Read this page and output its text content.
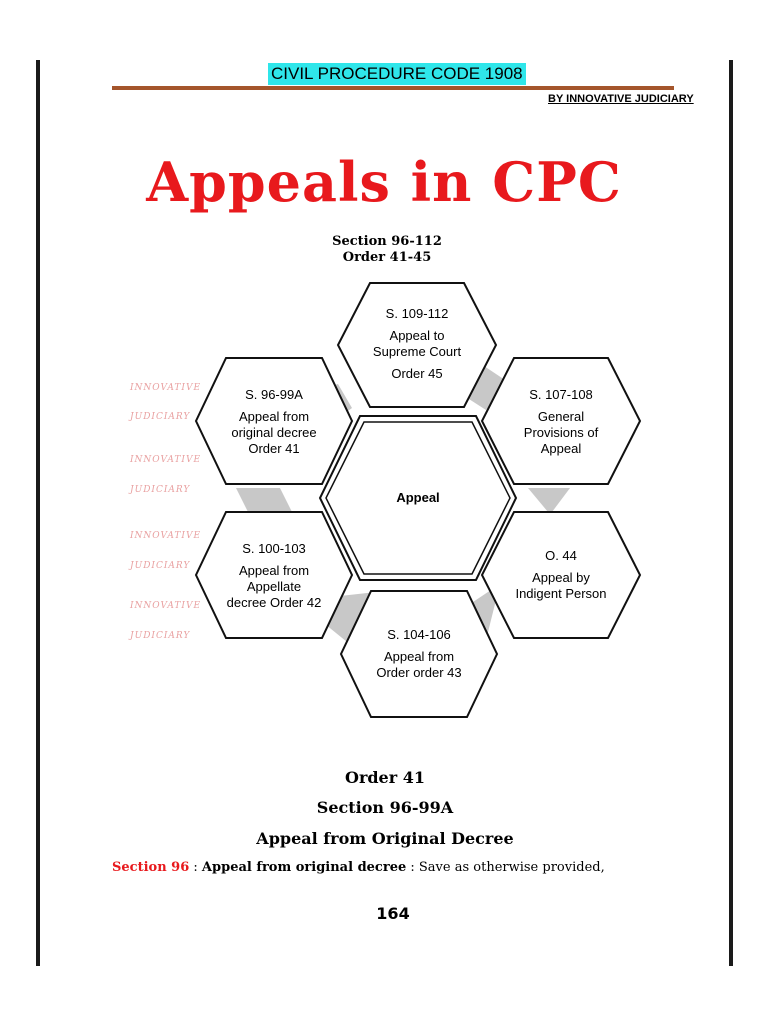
CIVIL PROCEDURE CODE 1908
BY INNOVATIVE JUDICIARY
Appeals in CPC
Section 96-112
Order 41-45
INNOVATIVE
JUDICIARY
INNOVATIVE
JUDICIARY
INNOVATIVE
JUDICIARY
INNOVATIVE
JUDICIARY
S. 109-112
Appeal to
Supreme Court
Order 45
S. 107-108
General
Provisions of
Appeal
O. 44
Appeal by
Indigent Person
S. 104-106
Appeal from
Order order 43
S. 100-103
Appeal from
Appellate
decree Order 42
S. 96-99A
Appeal from
original decree
Order 41
Appeal
Order 41
Section 96-99A
Appeal from Original Decree
Section 96 : Appeal from original decree : Save as otherwise provided,
164
